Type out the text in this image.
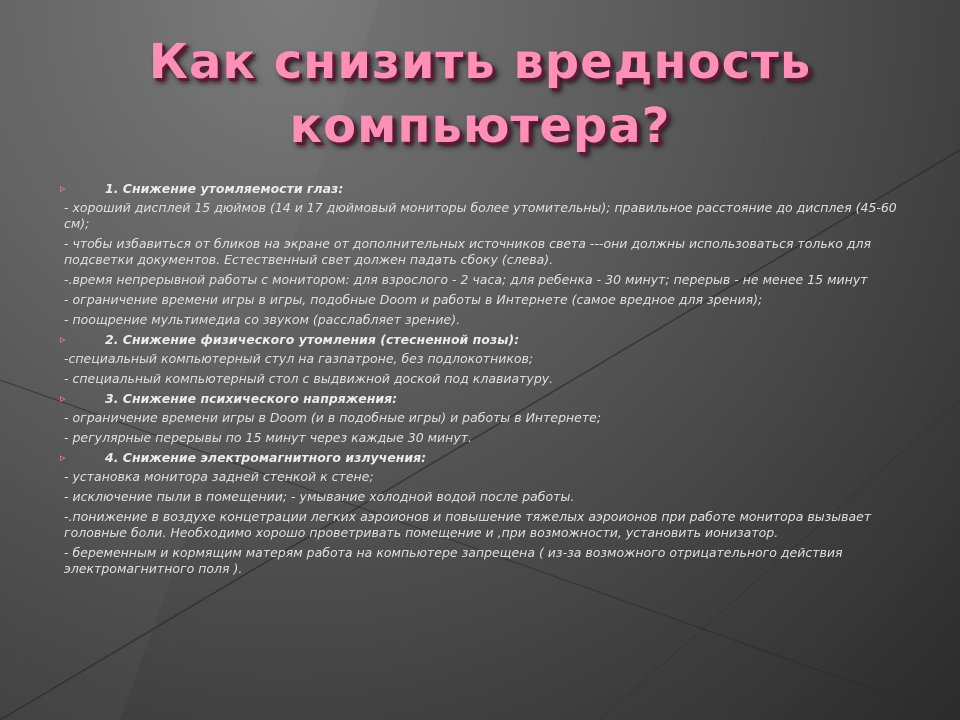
Как снизить вредность
компьютера?
▹	1. Снижение утомляемости глаз:
- хороший дисплей 15 дюймов (14 и 17 дюймовый мониторы более утомительны); правильное расстояние до дисплея (45-60 см);
- чтобы избавиться от бликов на экране от дополнительных источников света ---они должны использоваться только для подсветки документов. Естественный свет должен падать сбоку (слева).
-.время непрерывной работы с монитором: для взрослого - 2 часа; для ребенка - 30 минут; перерыв - не менее 15 минут
- ограничение времени игры в игры, подобные Doom и работы в Интернете (самое вредное для зрения);
- поощрение мультимедиа со звуком (расслабляет зрение).
▹	2. Снижение физического утомления (стесненной позы):
-специальный компьютерный стул на газпатроне, без подлокотников;
- специальный компьютерный стол с выдвижной доской под клавиатуру.
▹	3. Снижение психического напряжения:
- ограничение времени игры в Doom (и в подобные игры) и работы в Интернете;
- регулярные перерывы по 15 минут через каждые 30 минут.
▹	4. Снижение электромагнитного излучения:
- установка монитора задней стенкой к стене;
- исключение пыли в помещении; - умывание холодной водой после работы.
-.понижение в воздухе концетрации легких аэроионов и повышение тяжелых аэроионов при работе монитора вызывает головные боли. Необходимо хорошо проветривать помещение и ,при возможности, установить ионизатор.
- беременным и кормящим матерям работа на компьютере запрещена ( из-за возможного отрицательного действия электромагнитного поля ).
